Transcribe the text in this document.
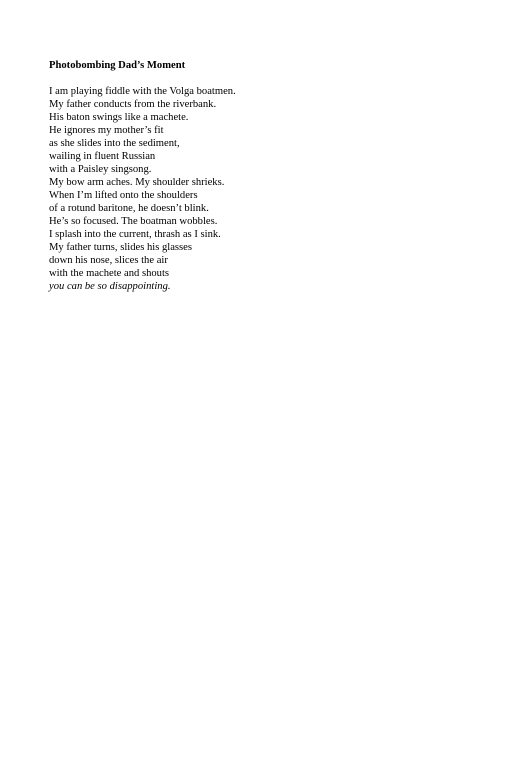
Photobombing Dad’s Moment
I am playing fiddle with the Volga boatmen.
My father conducts from the riverbank.
His baton swings like a machete.
He ignores my mother’s fit
as she slides into the sediment,
wailing in fluent Russian
with a Paisley singsong.
My bow arm aches. My shoulder shrieks.
When I’m lifted onto the shoulders
of a rotund baritone, he doesn’t blink.
He’s so focused. The boatman wobbles.
I splash into the current, thrash as I sink.
My father turns, slides his glasses
down his nose, slices the air
with the machete and shouts
you can be so disappointing.
